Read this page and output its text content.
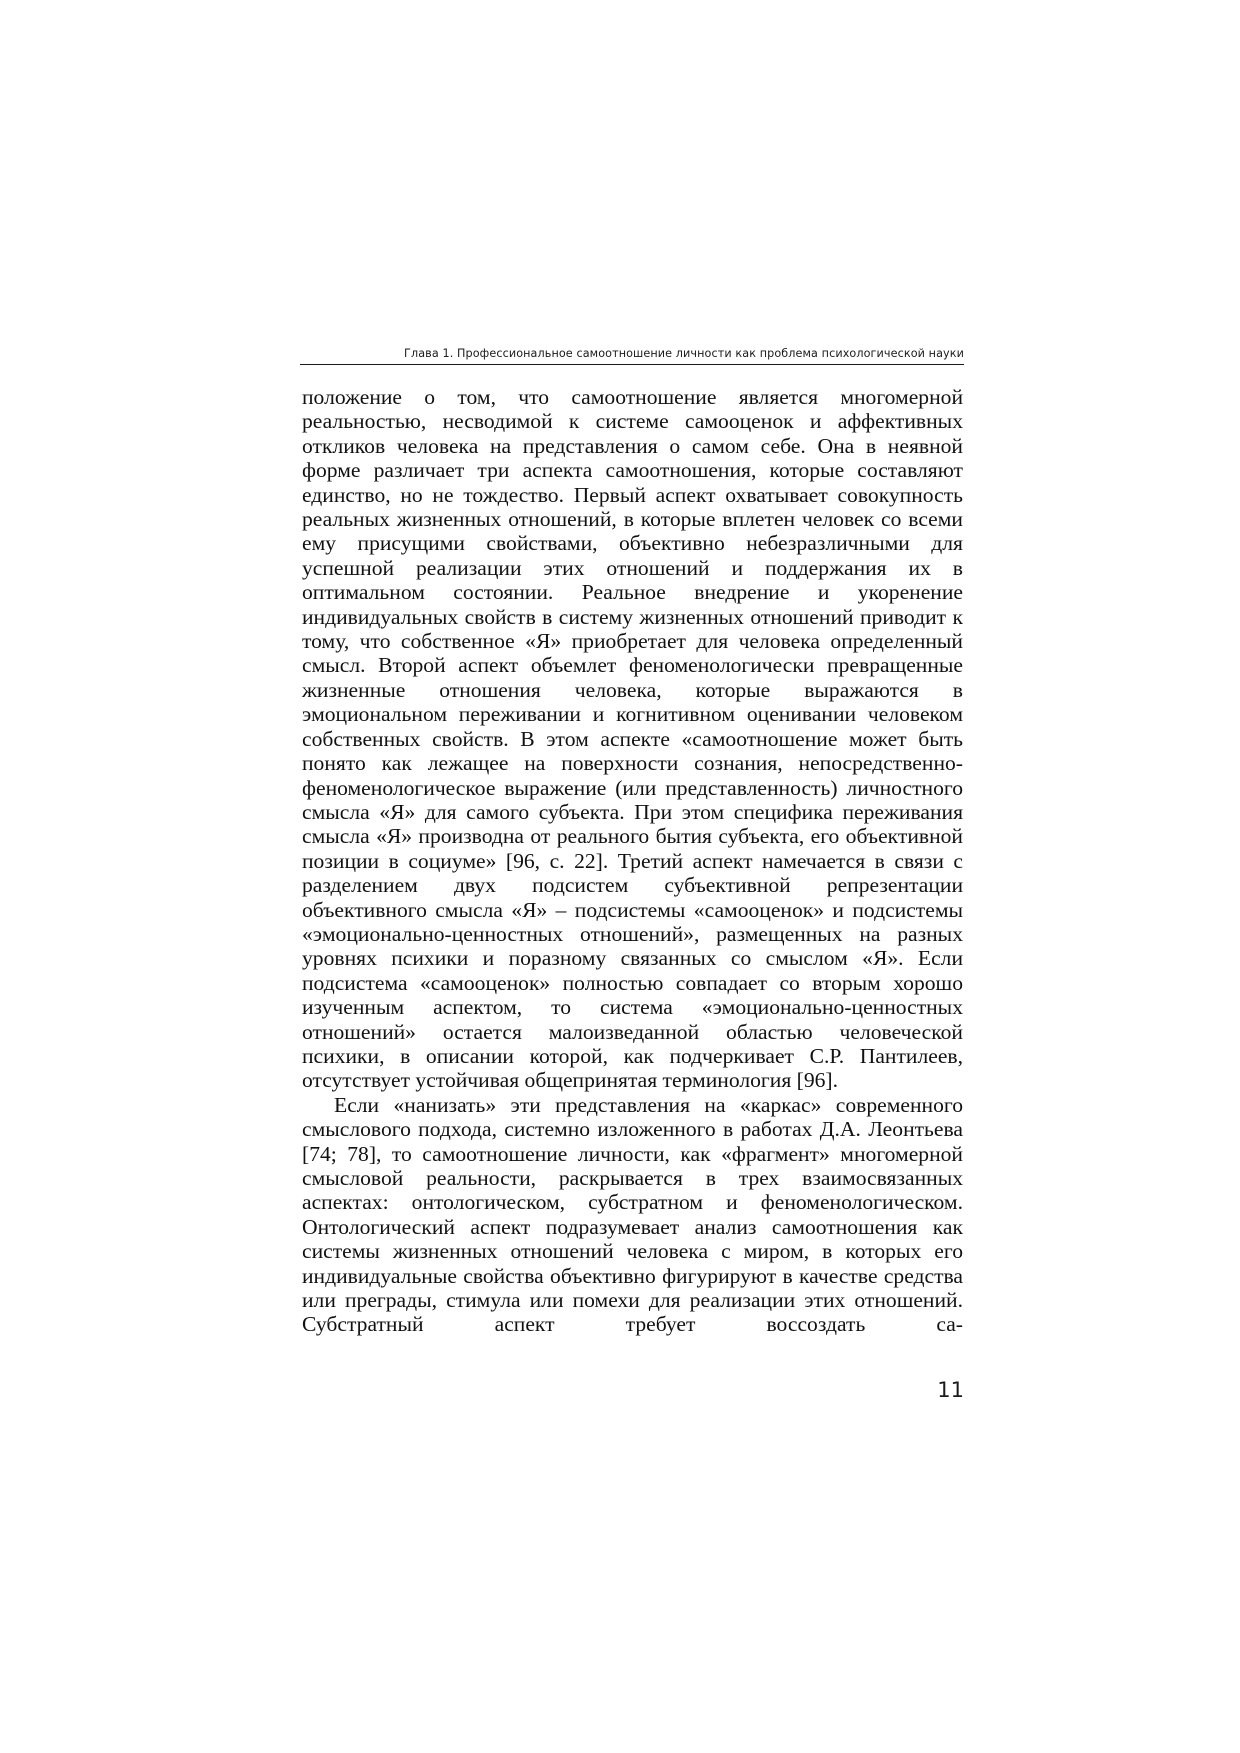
Глава 1. Профессиональное самоотношение личности как проблема психологической науки

положение о том, что самоотношение является многомерной реальностью, несводимой к системе самооценок и аффективных откликов человека на представления о самом себе. Она в неявной форме различает три аспекта самоотношения, которые составляют единство, но не тождество. Первый аспект охватывает совокупность реальных жизненных отношений, в которые вплетен человек со всеми ему присущими свойствами, объективно небезразличными для успешной реализации этих отношений и поддержания их в оптимальном состоянии. Реальное внедрение и укоренение индивидуальных свойств в систему жизненных отношений приводит к тому, что собственное «Я» приобретает для человека определенный смысл. Второй аспект объемлет феноменологически превращенные жизненные отношения человека, которые выражаются в эмоциональном переживании и когнитивном оценивании человеком собственных свойств. В этом аспекте «самоотношение может быть понято как лежащее на поверхности сознания, непосредственно-феноменологическое выражение (или представленность) личностного смысла «Я» для самого субъекта. При этом специфика переживания смысла «Я» производна от реального бытия субъекта, его объективной позиции в социуме» [96, с. 22]. Третий аспект намечается в связи с разделением двух подсистем субъективной репрезентации объективного смысла «Я» – подсистемы «самооценок» и подсистемы «эмоционально-ценностных отношений», размещенных на разных уровнях психики и поразному связанных со смыслом «Я». Если подсистема «самооценок» полностью совпадает со вторым хорошо изученным аспектом, то система «эмоционально-ценностных отношений» остается малоизведанной областью человеческой психики, в описании которой, как подчеркивает С.Р. Пантилеев, отсутствует устойчивая общепринятая терминология [96].

Если «нанизать» эти представления на «каркас» современного смыслового подхода, системно изложенного в работах Д.А. Леонтьева [74; 78], то самоотношение личности, как «фрагмент» многомерной смысловой реальности, раскрывается в трех взаимосвязанных аспектах: онтологическом, субстратном и феноменологическом. Онтологический аспект подразумевает анализ самоотношения как системы жизненных отношений человека с миром, в которых его индивидуальные свойства объективно фигурируют в качестве средства или преграды, стимула или помехи для реализации этих отношений. Субстратный аспект требует воссоздать са-

11
